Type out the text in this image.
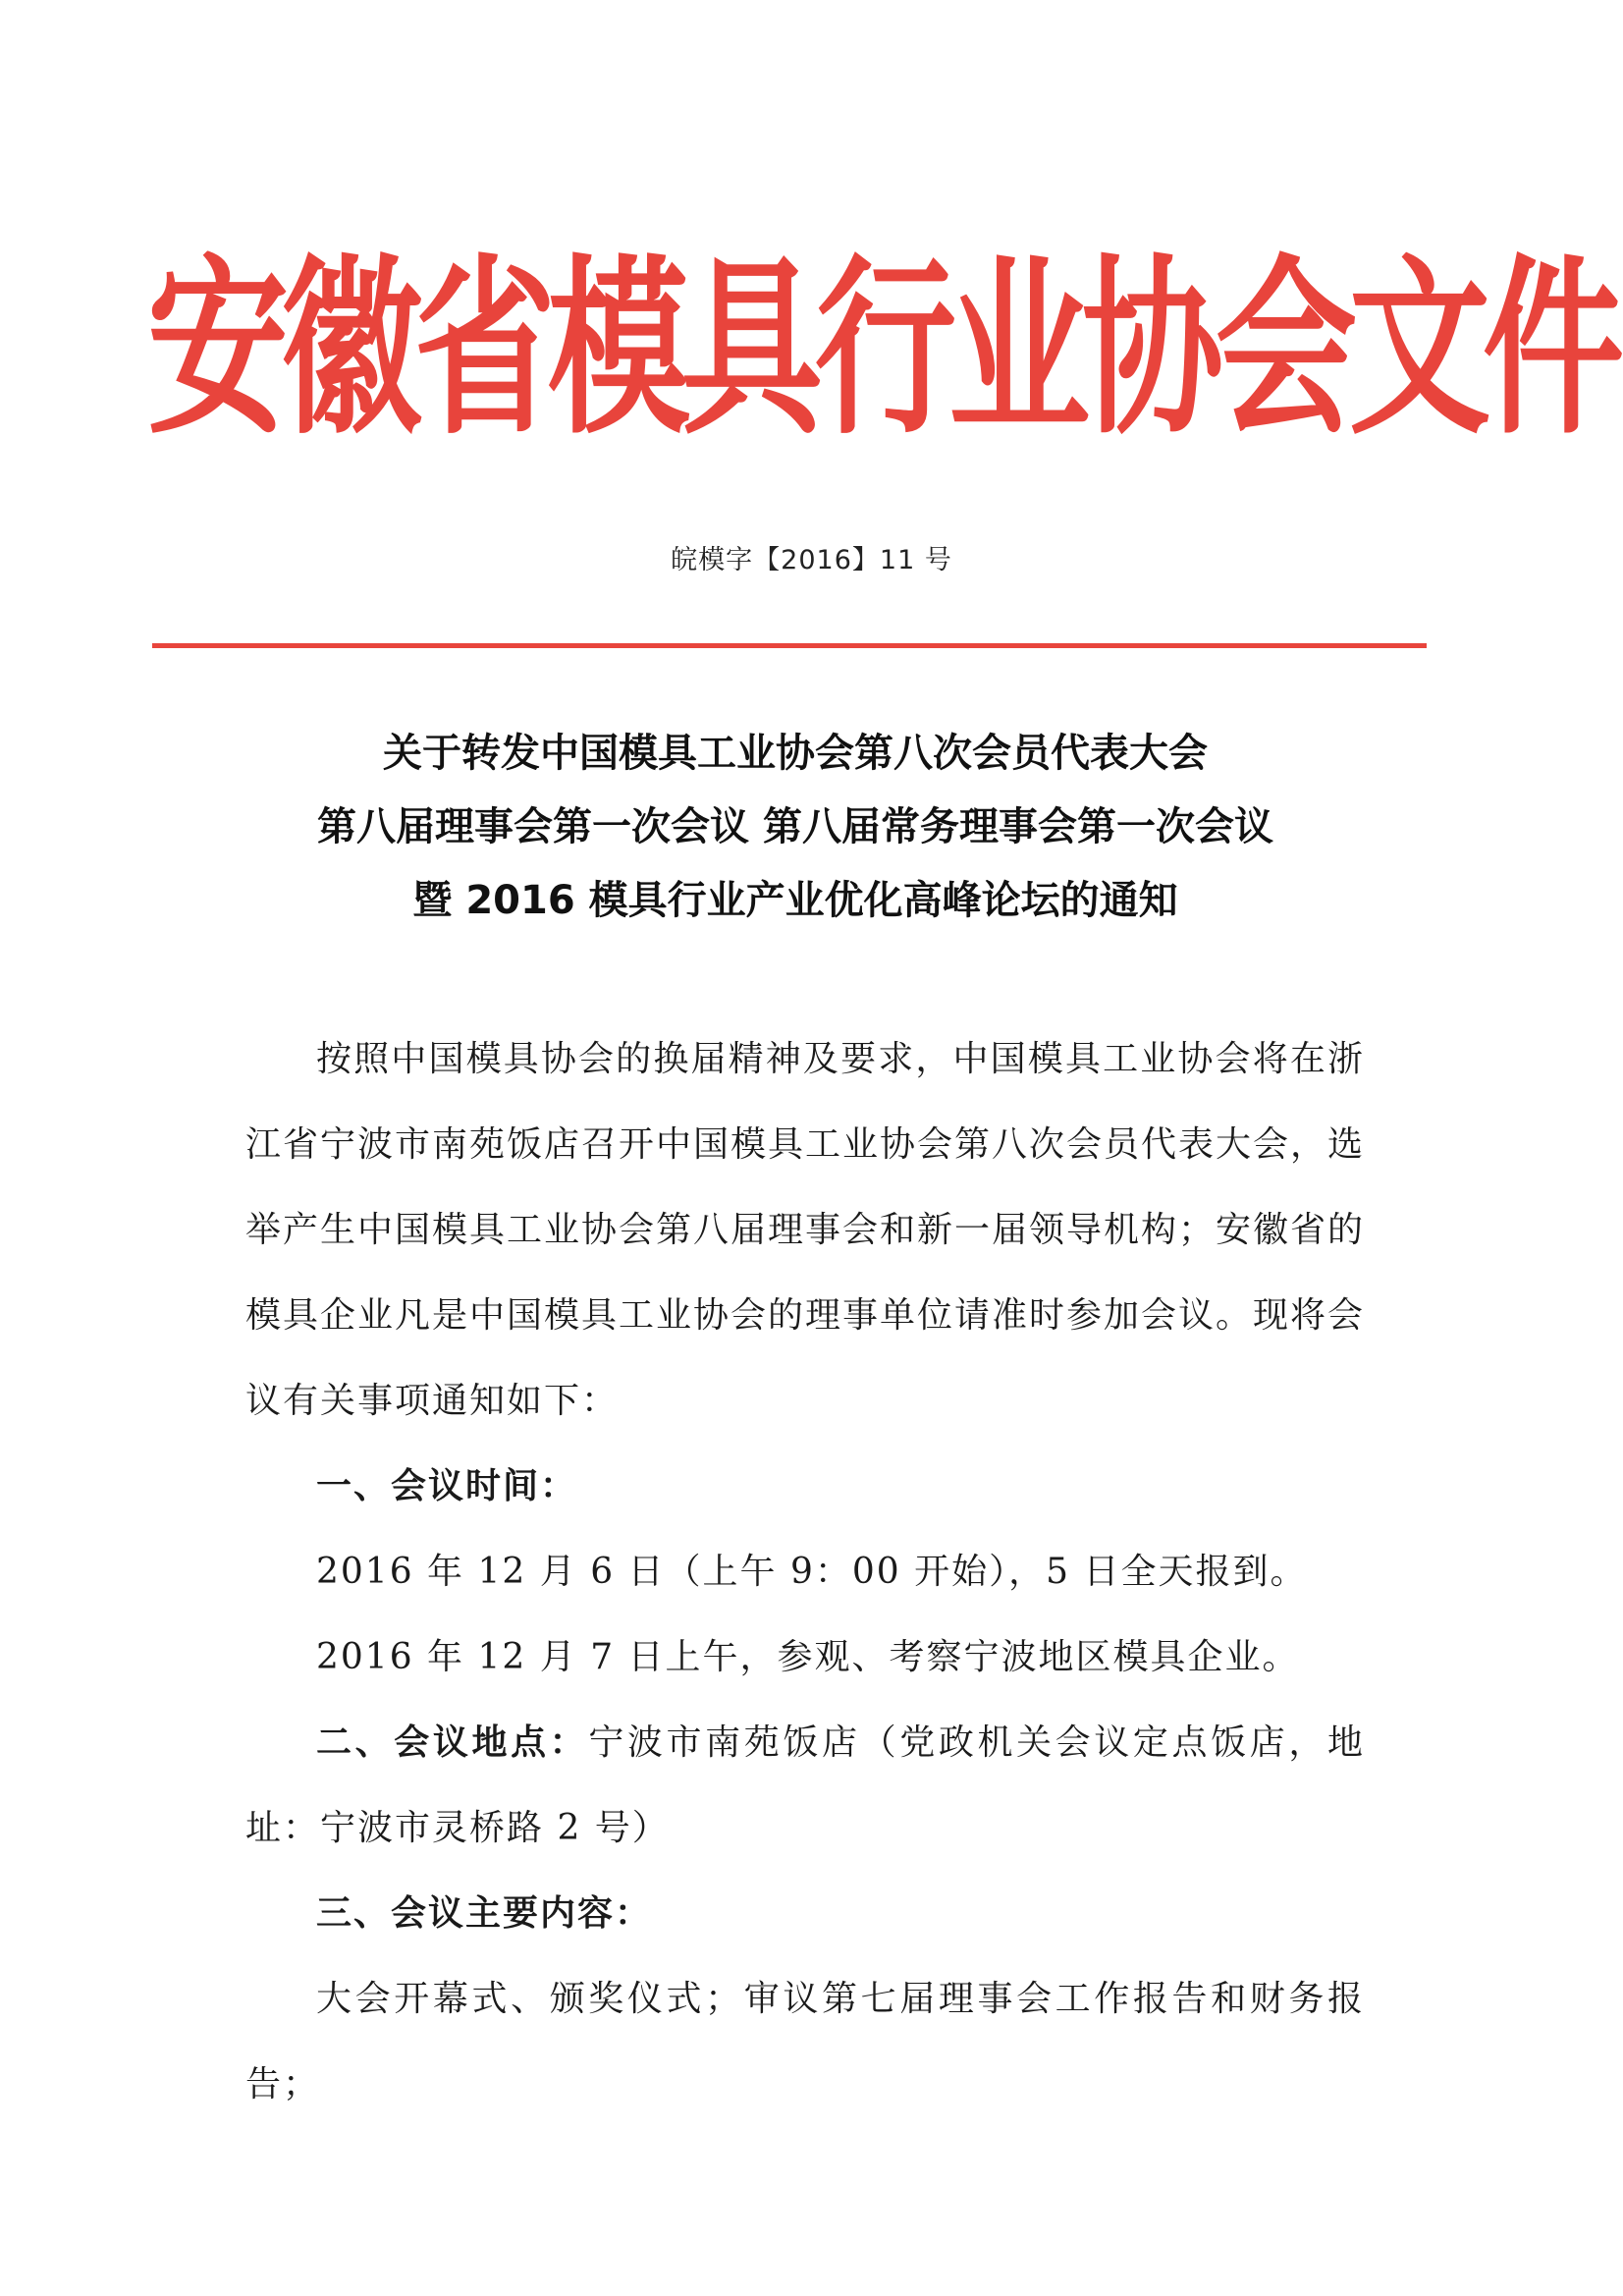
安徽省模具行业协会文件
皖模字【2016】11 号
关于转发中国模具工业协会第八次会员代表大会
第八届理事会第一次会议 第八届常务理事会第一次会议
暨 2016 模具行业产业优化高峰论坛的通知
按照中国模具协会的换届精神及要求，中国模具工业协会将在浙江省宁波市南苑饭店召开中国模具工业协会第八次会员代表大会，选举产生中国模具工业协会第八届理事会和新一届领导机构；安徽省的模具企业凡是中国模具工业协会的理事单位请准时参加会议。现将会议有关事项通知如下：
一、会议时间：
2016 年 12 月 6 日（上午 9：00 开始），5 日全天报到。
2016 年 12 月 7 日上午，参观、考察宁波地区模具企业。
二、会议地点：宁波市南苑饭店（党政机关会议定点饭店，地址：宁波市灵桥路 2 号）
三、会议主要内容：
大会开幕式、颁奖仪式；审议第七届理事会工作报告和财务报告；
